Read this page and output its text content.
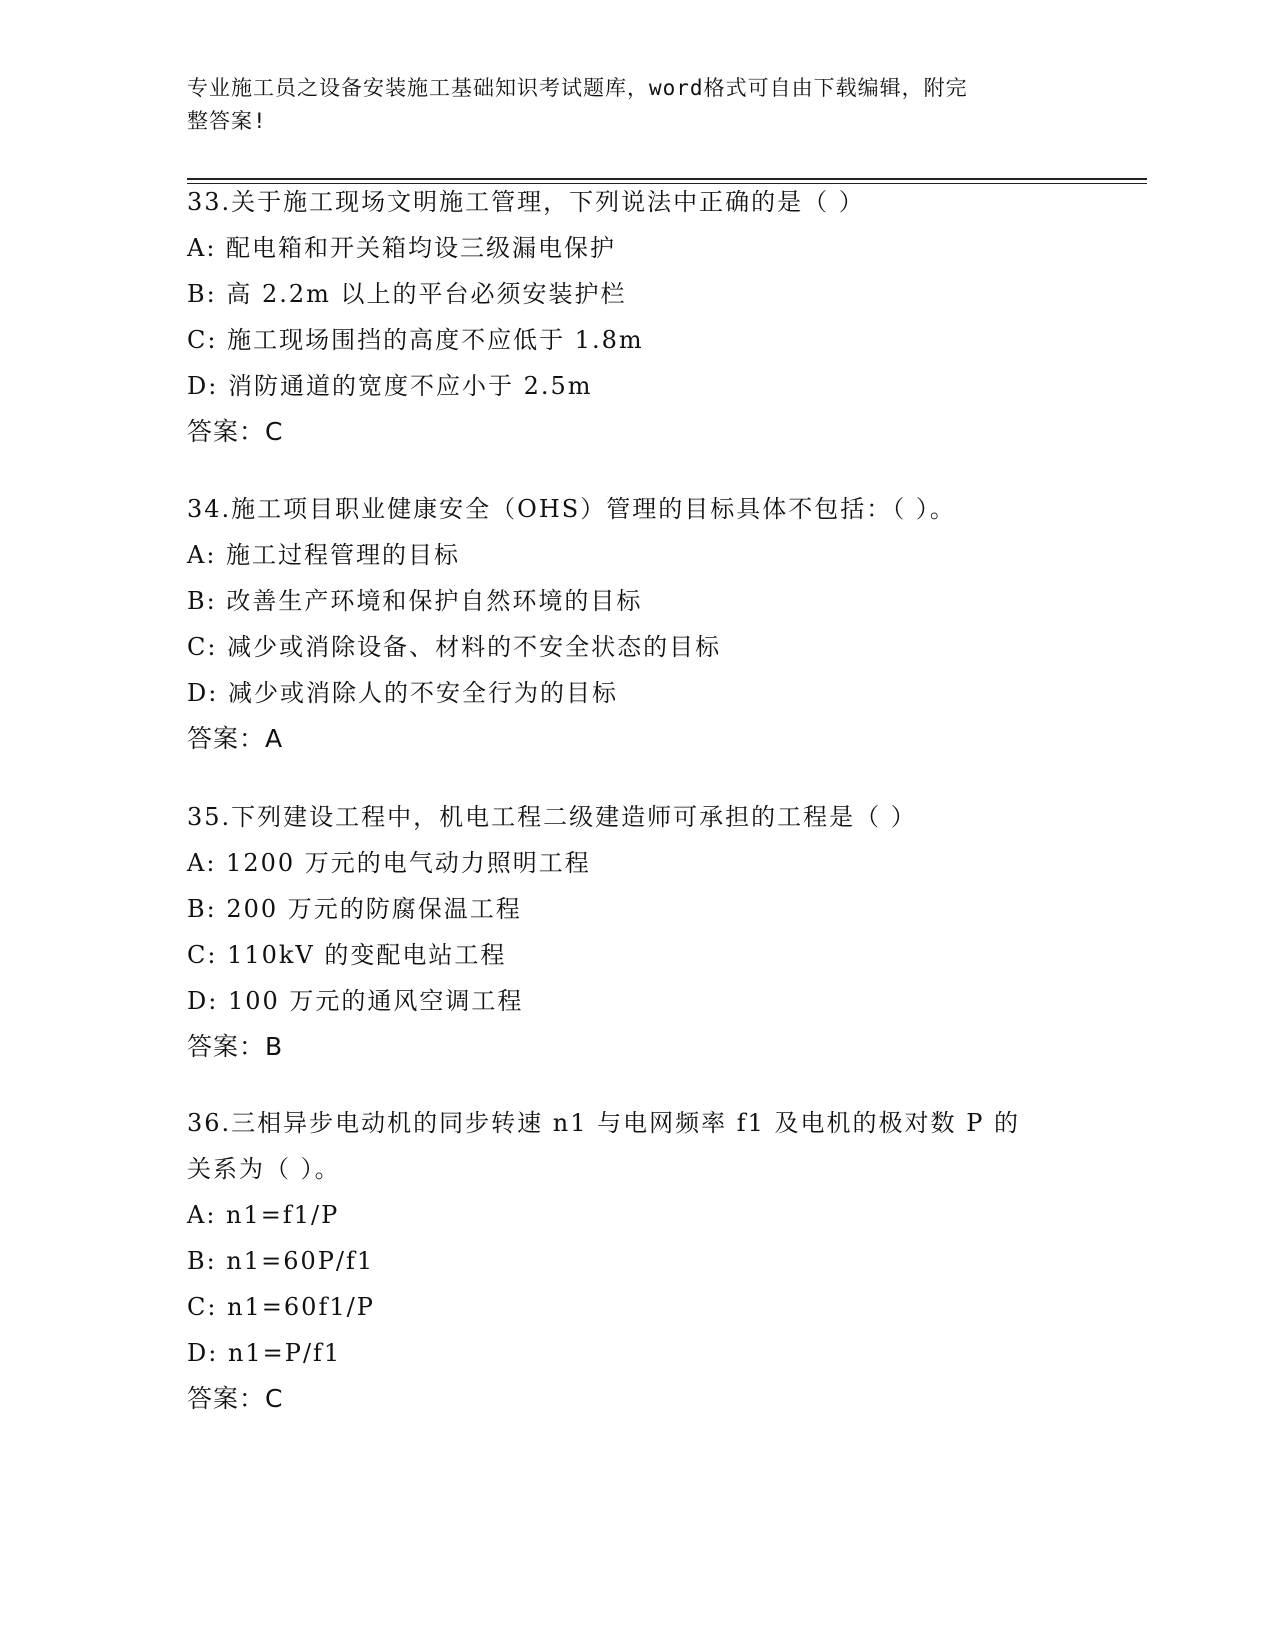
专业施工员之设备安装施工基础知识考试题库，word格式可自由下载编辑，附完
整答案!
33.关于施工现场文明施工管理，下列说法中正确的是（ ）
A: 配电箱和开关箱均设三级漏电保护
B: 高 2.2m 以上的平台必须安装护栏
C: 施工现场围挡的高度不应低于 1.8m
D: 消防通道的宽度不应小于 2.5m
答案：C
34.施工项目职业健康安全（OHS）管理的目标具体不包括：（ ）。
A: 施工过程管理的目标
B: 改善生产环境和保护自然环境的目标
C: 减少或消除设备、材料的不安全状态的目标
D: 减少或消除人的不安全行为的目标
答案：A
35.下列建设工程中，机电工程二级建造师可承担的工程是（ ）
A: 1200 万元的电气动力照明工程
B: 200 万元的防腐保温工程
C: 110kV 的变配电站工程
D: 100 万元的通风空调工程
答案：B
36.三相异步电动机的同步转速 n1 与电网频率 f1 及电机的极对数 P 的
关系为（ ）。
A: n1=f1/P
B: n1=60P/f1
C: n1=60f1/P
D: n1=P/f1
答案：C
